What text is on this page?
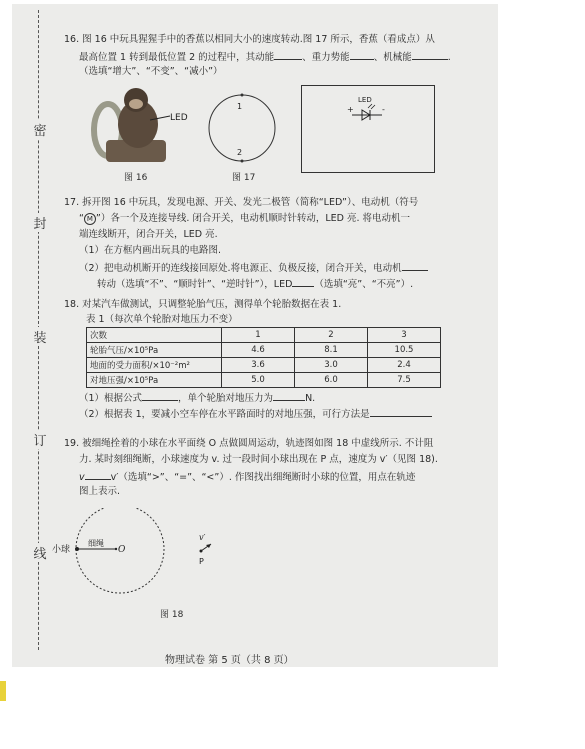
密
封
装
订
线
16. 图 16 中玩具猩猩手中的香蕉以相同大小的速度转动.图 17 所示，香蕉（看成点）从
最高位置 1 转到最低位置 2 的过程中，其动能	、重力势能	、机械能	.
（选填“增大”、“不变”、“减小”）
LED
图 16
1
2
图 17
LED
+	-
17. 拆开图 16 中玩具，发现电源、开关、发光二极管（简称“LED”）、电动机（符号
“ M ”）各一个及连接导线. 闭合开关，电动机顺时针转动，LED 亮. 将电动机一
端连线断开，闭合开关，LED 亮.
（1）在方框内画出玩具的电路图.
（2）把电动机断开的连线接回原处.将电源正、负极反接，闭合开关，电动机
转动（选填“不”、“顺时针”、“逆时针”），LED （选填“亮”、“不亮”）.
18. 对某汽车做测试，只调整轮胎气压，测得单个轮胎数据在表 1.
表 1（每次单个轮胎对地压力不变）
次数	1	2	3
轮胎气压/×10⁵Pa	4.6	8.1	10.5
地面的受力面积/×10⁻²m²	3.6	3.0	2.4
对地压强/×10⁵Pa	5.0	6.0	7.5
（1）根据公式	，单个轮胎对地压力为	N.
（2）根据表 1，要减小空车停在水平路面时的对地压强，可行方法是
19. 被细绳拴着的小球在水平面绕 O 点做圆周运动，轨迹图如图 18 中虚线所示. 不计阻
力. 某时刻细绳断，小球速度为 v. 过一段时间小球出现在 P 点，速度为 v′（见图 18).
v	v′（选填“>”、“=”、“<”）. 作图找出细绳断时小球的位置，用点在轨迹
图上表示.
小球
细绳
O
v′
P
图 18
物理试卷 第 5 页（共 8 页）
